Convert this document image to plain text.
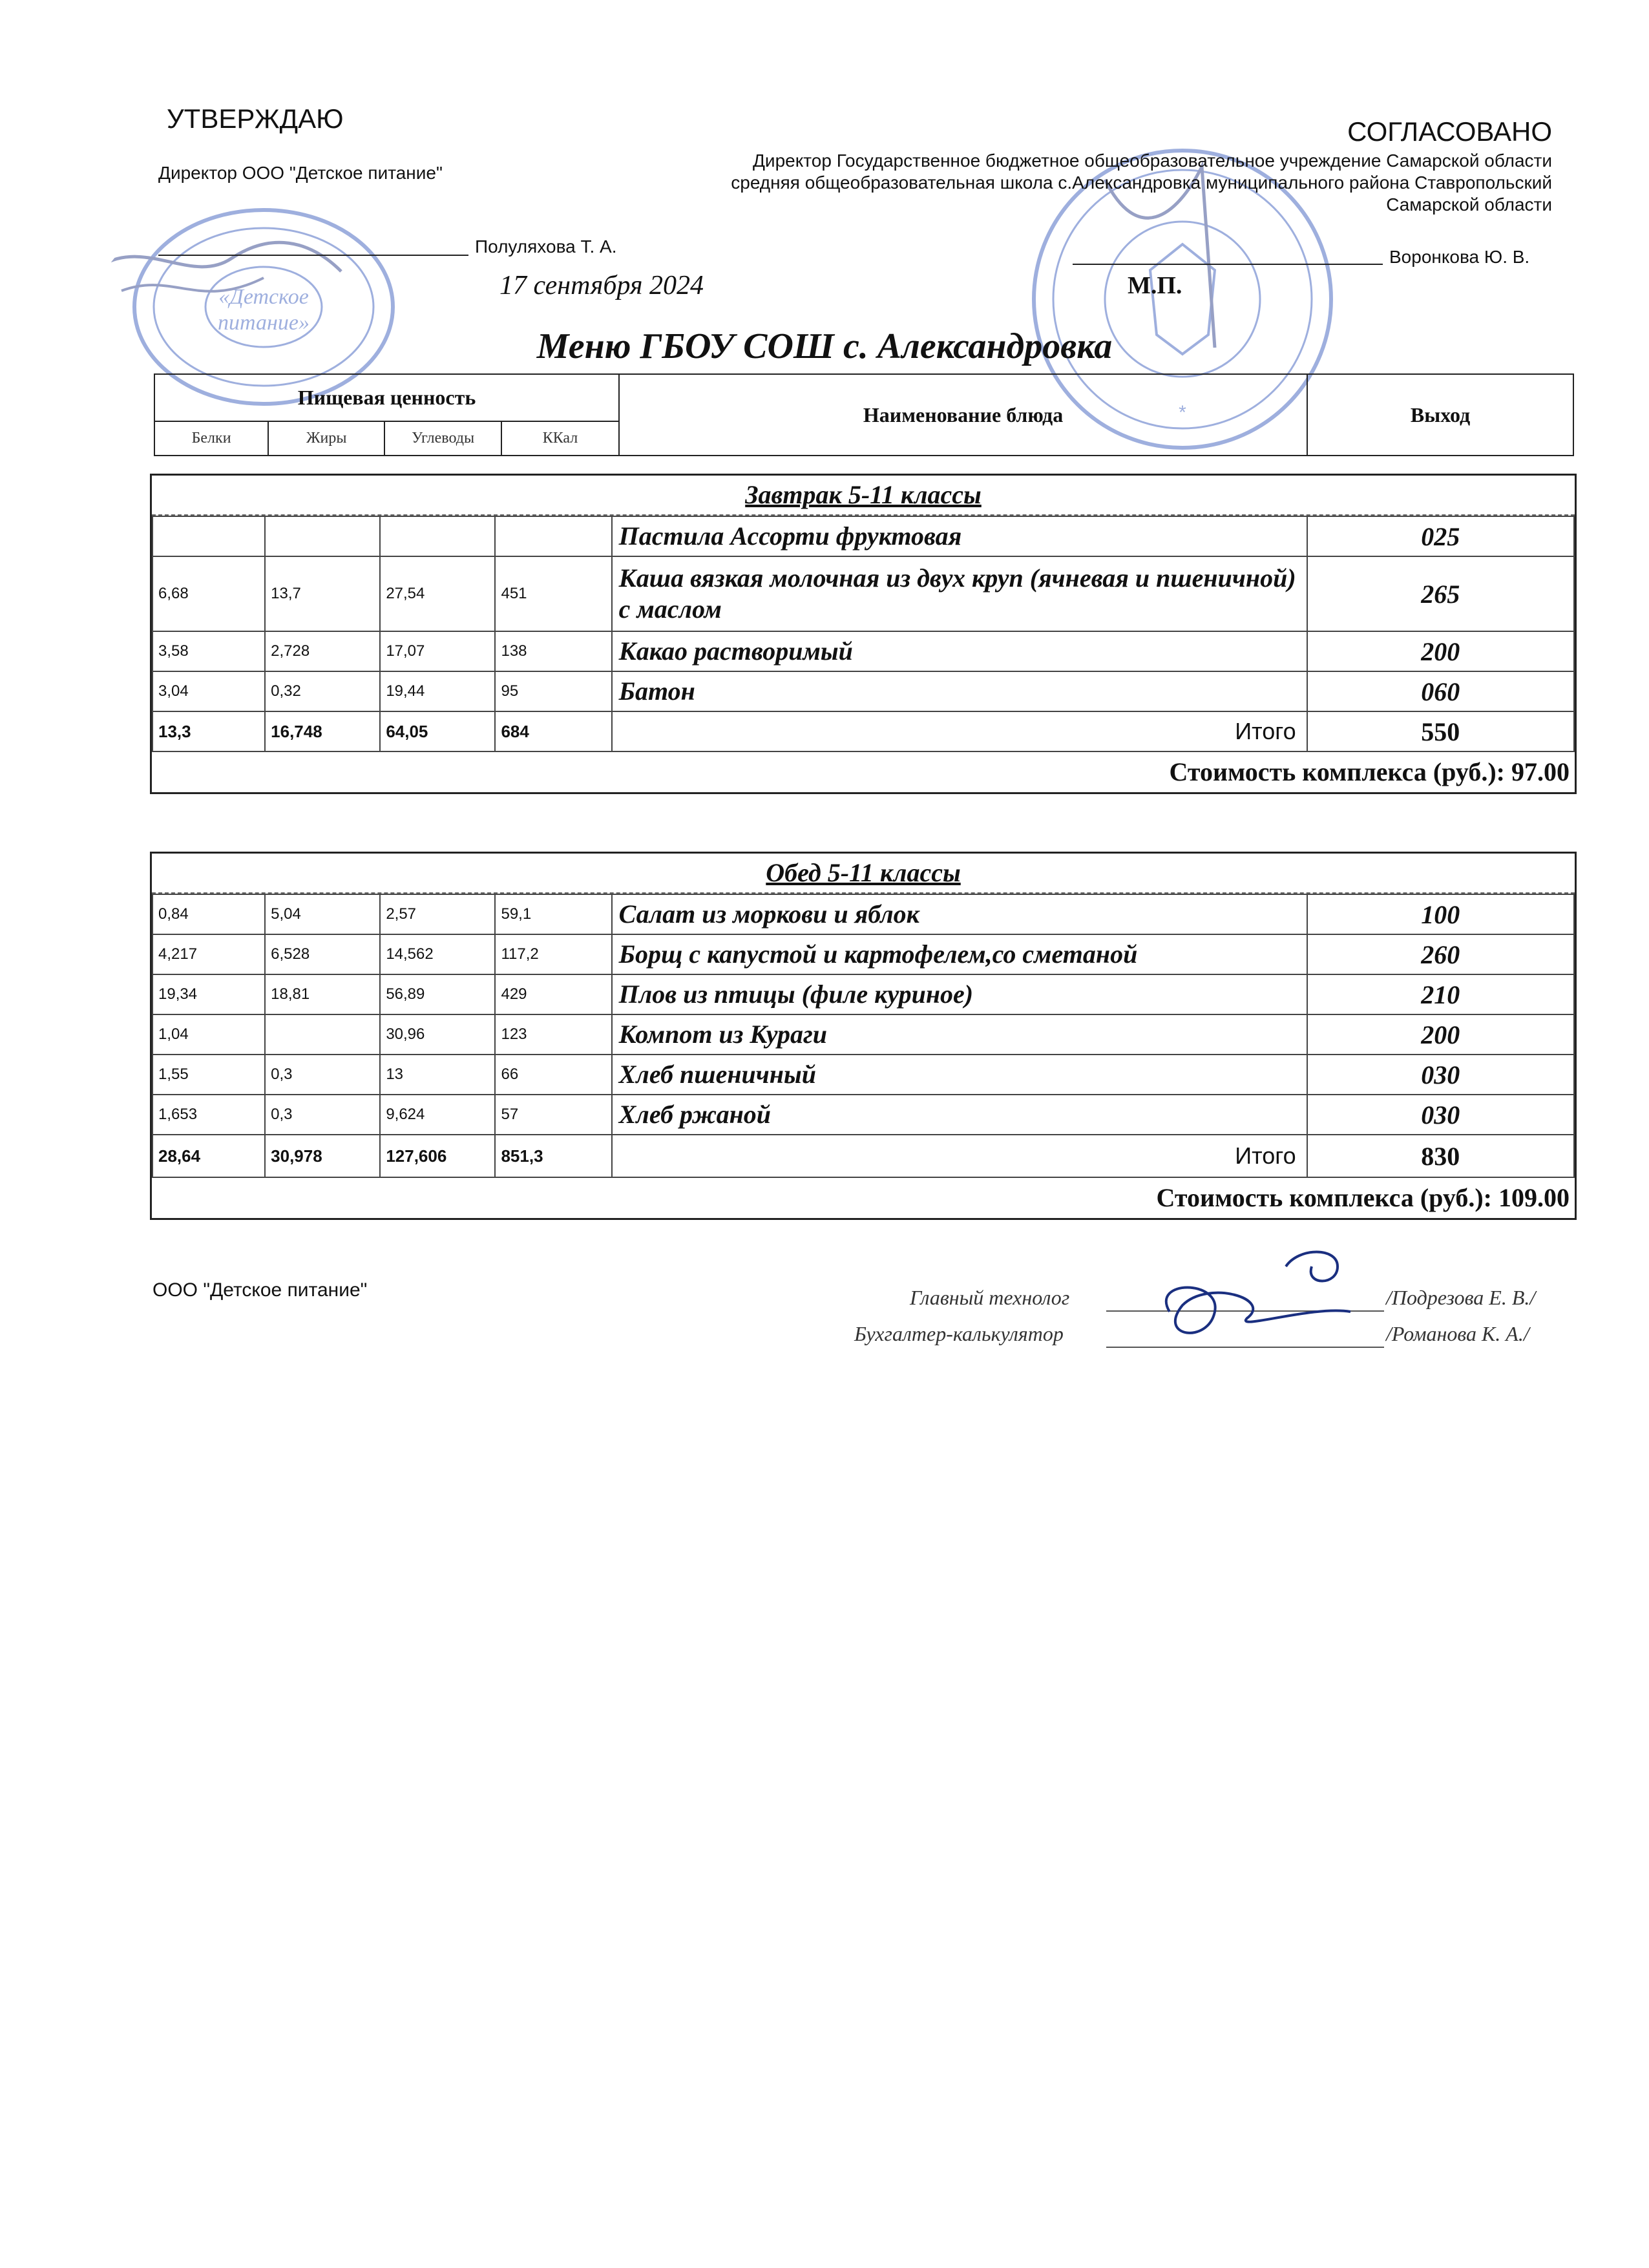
«Детское
питание»
*
УТВЕРЖДАЮ
Директор ООО "Детское питание"
Полуляхова Т. А.
17 сентября 2024
СОГЛАСОВАНО
Директор Государственное бюджетное общеобразовательное учреждение Самарской области средняя общеобразовательная школа с.Александровка муниципального района Ставропольский Самарской области
Воронкова Ю. В.
М.П.
Меню ГБОУ СОШ с. Александровка
Пищевая ценность				Наименование блюда	Выход
Белки	Жиры	Углеводы	ККал		
Завтрак 5-11 классы
				Пастила Ассорти фруктовая	025
6,68	13,7	27,54	451	Каша вязкая молочная из двух круп (ячневая и пшеничной) с маслом	265
3,58	2,728	17,07	138	Какао растворимый	200
3,04	0,32	19,44	95	Батон	060
13,3	16,748	64,05	684	Итого	550
Стоимость комплекса (руб.): 97.00
Обед 5-11 классы
0,84	5,04	2,57	59,1	Салат из моркови и яблок	100
4,217	6,528	14,562	117,2	Борщ с капустой и картофелем,со сметаной	260
19,34	18,81	56,89	429	Плов из птицы (филе куриное)	210
1,04		30,96	123	Компот из Кураги	200
1,55	0,3	13	66	Хлеб пшеничный	030
1,653	0,3	9,624	57	Хлеб ржаной	030
28,64	30,978	127,606	851,3	Итого	830
Стоимость комплекса (руб.): 109.00
ООО "Детское питание"	Главный технолог	/Подрезова Е. В./
Бухгалтер-калькулятор	/Романова К. А./
